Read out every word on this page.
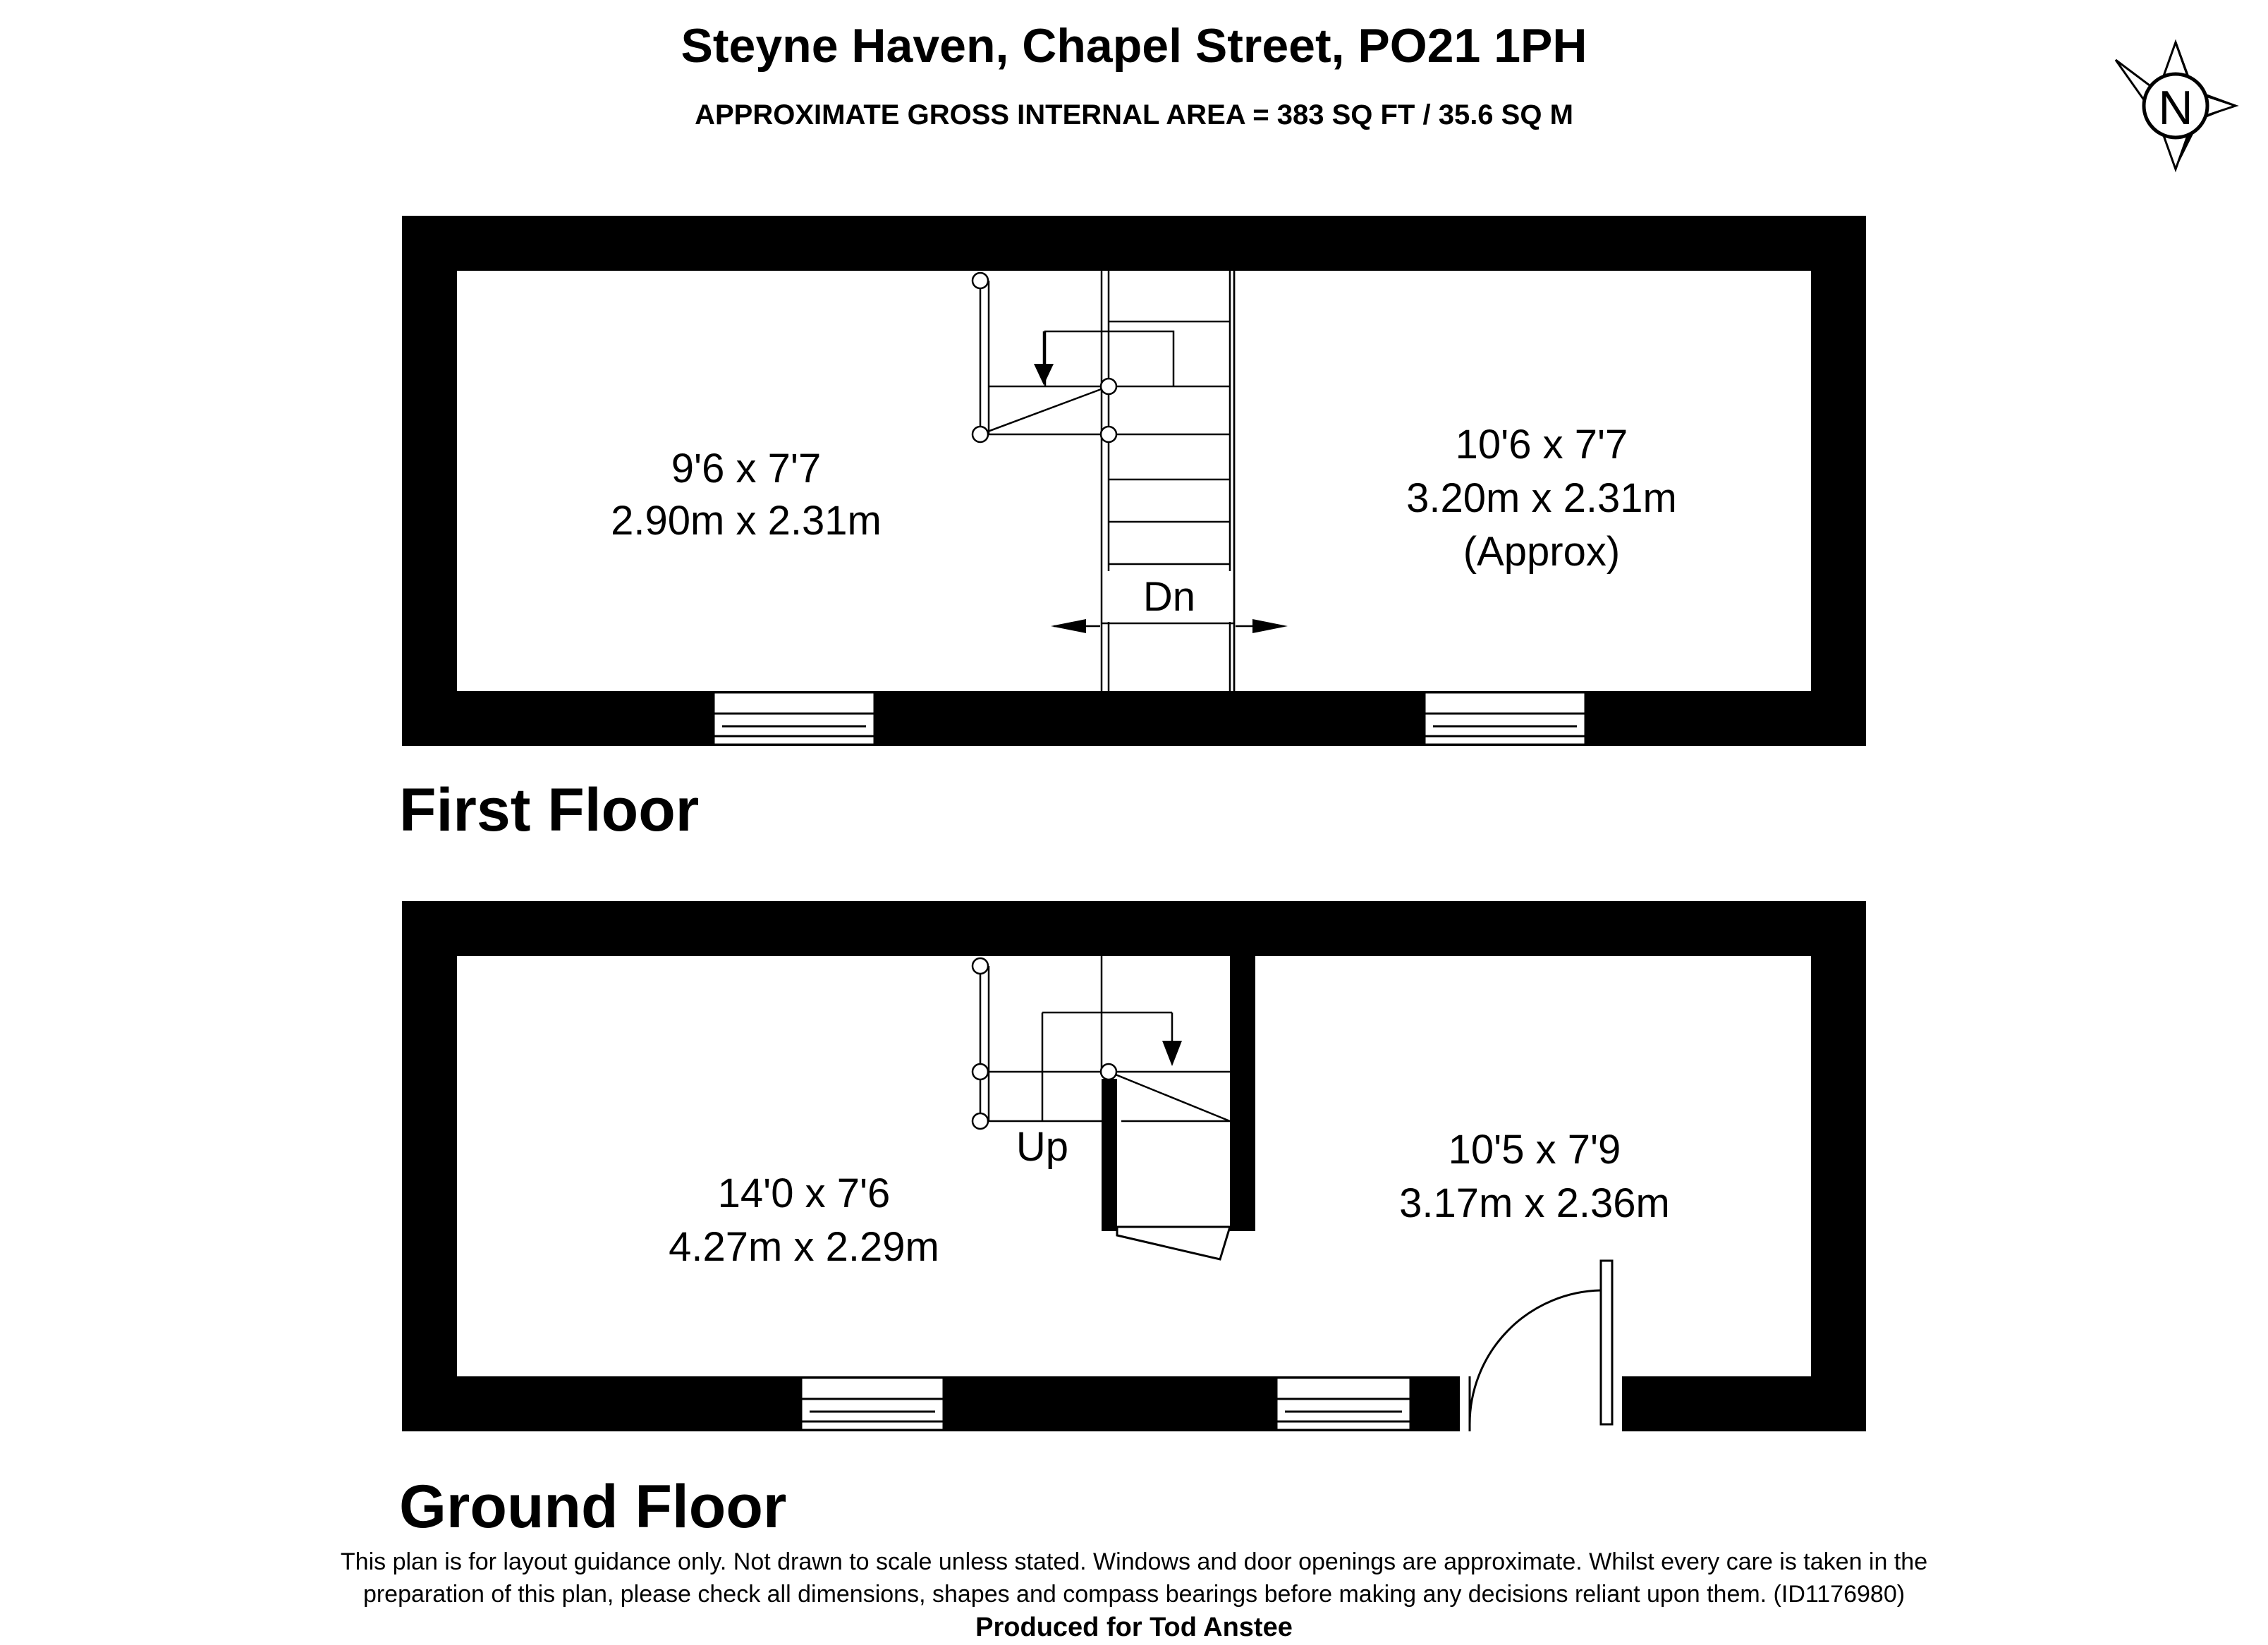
Steyne Haven, Chapel Street, PO21 1PH
APPROXIMATE GROSS INTERNAL AREA = 383 SQ FT / 35.6 SQ M	N
Dn
9'6 x 7'7
2.90m x 2.31m
10'6 x 7'7
3.20m x 2.31m
(Approx)
First Floor
Up
14'0 x 7'6
4.27m x 2.29m
10'5 x 7'9
3.17m x 2.36m
Ground Floor
This plan is for layout guidance only. Not drawn to scale unless stated. Windows and door openings are approximate. Whilst every care is taken in the
preparation of this plan, please check all dimensions, shapes and compass bearings before making any decisions reliant upon them. (ID1176980)
Produced for Tod Anstee
